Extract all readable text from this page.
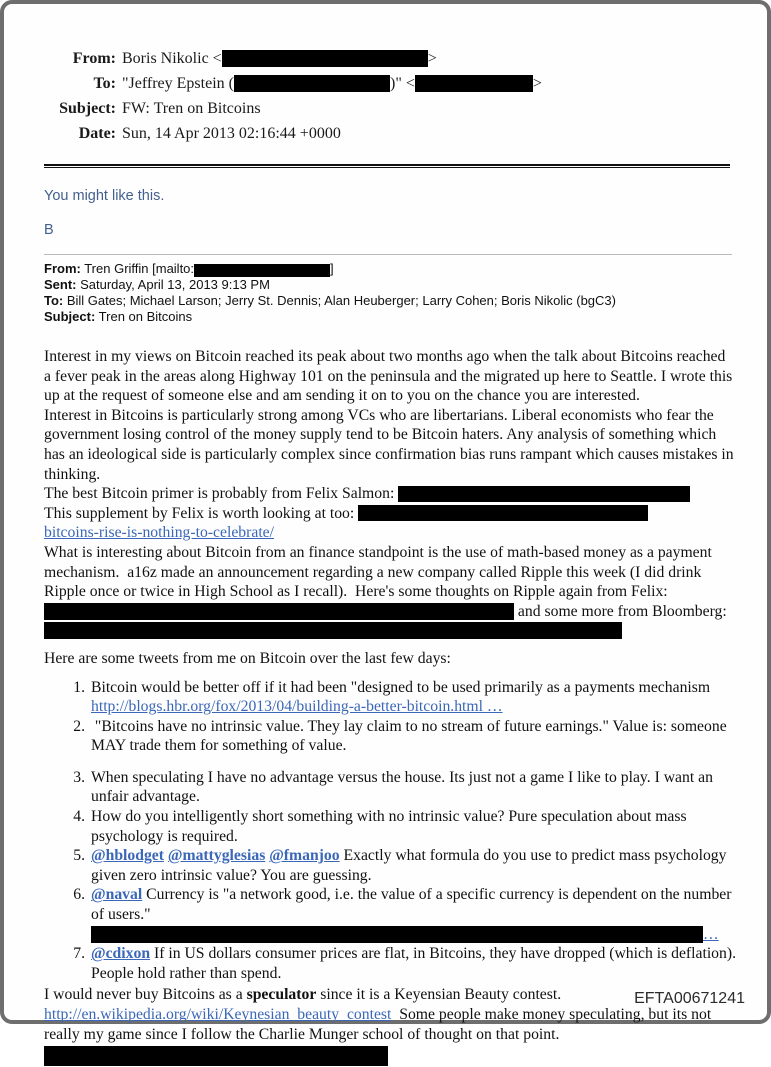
From: Boris Nikolic <	>
To: "Jeffrey Epstein (	)" <	>
Subject: FW: Tren on Bitcoins
Date: Sun, 14 Apr 2013 02:16:44 +0000
You might like this.
B
From: Tren Griffin [mailto:	]
Sent: Saturday, April 13, 2013 9:13 PM
To: Bill Gates; Michael Larson; Jerry St. Dennis; Alan Heuberger; Larry Cohen; Boris Nikolic (bgC3)
Subject: Tren on Bitcoins

Interest in my views on Bitcoin reached its peak about two months ago when the talk about Bitcoins reached a fever peak in the areas along Highway 101 on the peninsula and the migrated up here to Seattle. I wrote this up at the request of someone else and am sending it on to you on the chance you are interested.

Interest in Bitcoins is particularly strong among VCs who are libertarians. Liberal economists who fear the government losing control of the money supply tend to be Bitcoin haters. Any analysis of something which has an ideological side is particularly complex since confirmation bias runs rampant which causes mistakes in thinking.

The best Bitcoin primer is probably from Felix Salmon:

This supplement by Felix is worth looking at too:

bitcoins-rise-is-nothing-to-celebrate/

What is interesting about Bitcoin from an finance standpoint is the use of math-based money as a payment mechanism.  a16z made an announcement regarding a new company called Ripple this week (I did drink Ripple once or twice in High School as I recall).  Here's some thoughts on Ripple again from Felix:

and some more from Bloomberg:

Here are some tweets from me on Bitcoin over the last few days:

1. Bitcoin would be better off if it had been "designed to be used primarily as a payments mechanism http://blogs.hbr.org/fox/2013/04/building-a-better-bitcoin.html …
2. "Bitcoins have no intrinsic value. They lay claim to no stream of future earnings." Value is: someone MAY trade them for something of value.
3. When speculating I have no advantage versus the house. Its just not a game I like to play. I want an unfair advantage.
4. How do you intelligently short something with no intrinsic value? Pure speculation about mass psychology is required.
5. @hblodget @mattyglesias @fmanjoo Exactly what formula do you use to predict mass psychology given zero intrinsic value? You are guessing.
6. @naval Currency is "a network good, i.e. the value of a specific currency is dependent on the number of users." …
7. @cdixon If in US dollars consumer prices are flat, in Bitcoins, they have dropped (which is deflation). People hold rather than spend.

I would never buy Bitcoins as a speculator since it is a Keyensian Beauty contest. http://en.wikipedia.org/wiki/Keynesian_beauty_contest  Some people make money speculating, but its not really my game since I follow the Charlie Munger school of thought on that point.

EFTA00671241
